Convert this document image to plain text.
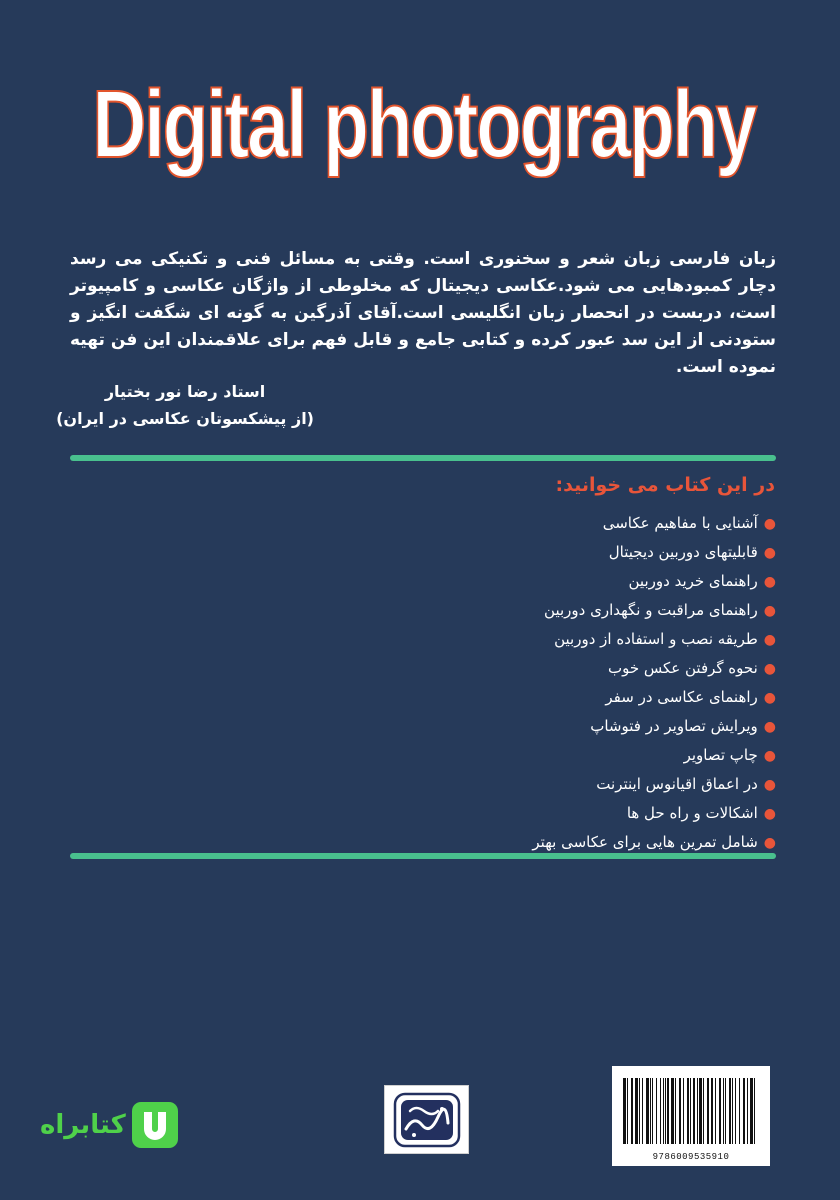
Digital photography

زبان فارسی زبان شعر و سخنوری است. وقتی به مسائل فنی و تکنیکی می رسد دچار کمبودهایی می شود.عکاسی دیجیتال که مخلوطی از واژگان عکاسی و کامپیوتر است، دربست در انحصار زبان انگلیسی است.آقای آذرگین به گونه ای شگفت انگیز و ستودنی از این سد عبور کرده و کتابی جامع و قابل فهم برای علاقمندان این فن تهیه نموده است.

استاد رضا نور بختیار
(از پیشکسوتان عکاسی در ایران)
در این کتاب می خوانید:
●آشنایی با مفاهیم عکاسی
●قابلیتهای دوربین دیجیتال
●راهنمای خرید دوربین
●راهنمای مراقبت و نگهداری دوربین
●طریقه نصب و استفاده از دوربین
●نحوه گرفتن عکس خوب
●راهنمای عکاسی در سفر
●ویرایش تصاویر در فتوشاپ
●چاپ تصاویر
●در اعماق اقیانوس اینترنت
●اشکالات و راه حل ها
●شامل تمرین هایی برای عکاسی بهتر
کتابراه
9786009535910
